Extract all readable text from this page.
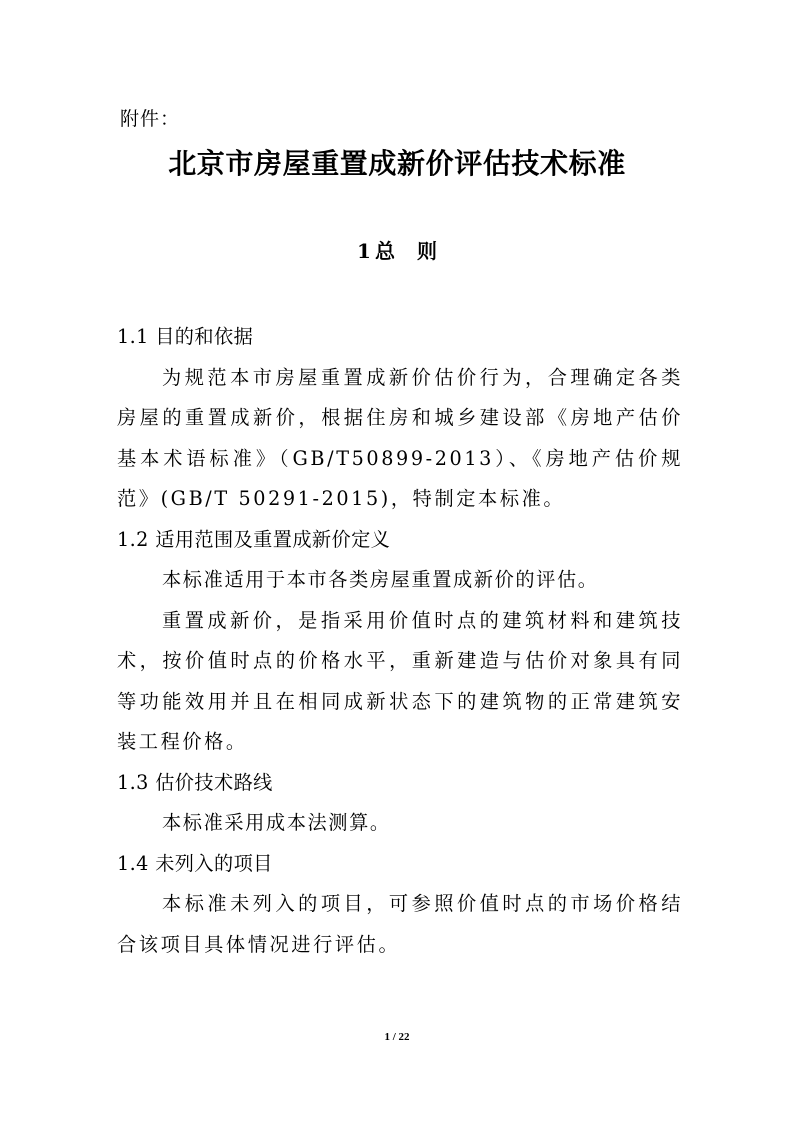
附件：
北京市房屋重置成新价评估技术标准
1 总 则

1.1 目的和依据

为规范本市房屋重置成新价估价行为，合理确定各类房屋的重置成新价，根据住房和城乡建设部《房地产估价基本术语标准》（GB/T50899-2013）、《房地产估价规范》(GB/T 50291-2015)，特制定本标准。

1.2 适用范围及重置成新价定义

本标准适用于本市各类房屋重置成新价的评估。

重置成新价，是指采用价值时点的建筑材料和建筑技术，按价值时点的价格水平，重新建造与估价对象具有同等功能效用并且在相同成新状态下的建筑物的正常建筑安装工程价格。

1.3 估价技术路线

本标准采用成本法测算。

1.4 未列入的项目

本标准未列入的项目，可参照价值时点的市场价格结合该项目具体情况进行评估。

1 / 22
